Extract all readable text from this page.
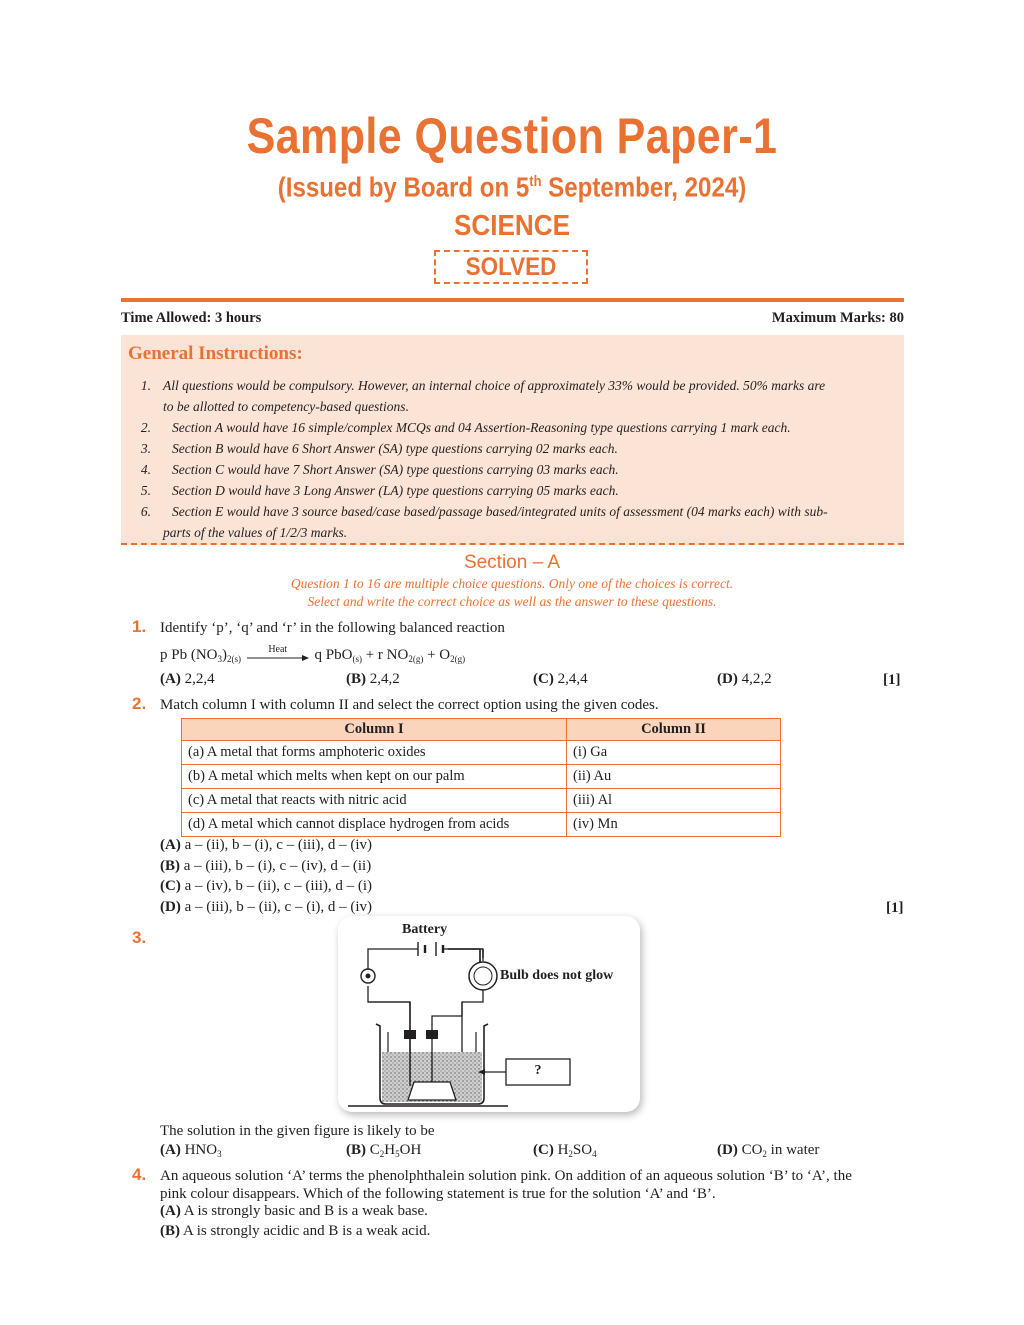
Sample Question Paper-1
(Issued by Board on 5th September, 2024)
SCIENCE
SOLVED
Time Allowed: 3 hours	Maximum Marks: 80
General Instructions:
1. All questions would be compulsory. However, an internal choice of approximately 33% would be provided. 50% marks are
to be allotted to competency-based questions.
2.	Section A would have 16 simple/complex MCQs and 04 Assertion-Reasoning type questions carrying 1 mark each.
3.	Section B would have 6 Short Answer (SA) type questions carrying 02 marks each.
4.	Section C would have 7 Short Answer (SA) type questions carrying 03 marks each.
5.	Section D would have 3 Long Answer (LA) type questions carrying 05 marks each.
6.	Section E would have 3 source based/case based/passage based/integrated units of assessment (04 marks each) with sub-
parts of the values of 1/2/3 marks.
Section – A
Question 1 to 16 are multiple choice questions. Only one of the choices is correct.
Select and write the correct choice as well as the answer to these questions.
1. Identify ‘p’, ‘q’ and ‘r’ in the following balanced reaction
p Pb $(NO_3)_{2(s)}$
Heat	q PbO$_{(s)}$ + r $NO_{2(g)} + O_{2(g)}$
(A) 2,2,4	(B) 2,4,2	(C) 2,4,4	(D) 4,2,2	[1]
2. Match column I with column II and select the correct option using the given codes.
Column I	Column II
(a) A metal that forms amphoteric oxides	(i) Ga
(b) A metal which melts when kept on our palm	(ii) Au
(c) A metal that reacts with nitric acid	(iii) Al
(d) A metal which cannot displace hydrogen from acids	(iv) Mn
(A) a – (ii), b – (i), c – (iii), d – (iv)
(B) a – (iii), b – (i), c – (iv), d – (ii)
(C) a – (iv), b – (ii), c – (iii), d – (i)
(D) a – (iii), b – (ii), c – (i), d – (iv)	[1]
3.	Battery
Bulb does not glow
?
The solution in the given figure is likely to be
(A) $HNO_3$	(B) $C_2H_5OH$	(C) $H_2SO_4$	(D) $CO_2$ in water
4. An aqueous solution ‘A’ terms the phenolphthalein solution pink. On addition of an aqueous solution ‘B’ to ‘A’, the
pink colour disappears. Which of the following statement is true for the solution ‘A’ and ‘B’.
(A) A is strongly basic and B is a weak base.
(B) A is strongly acidic and B is a weak acid.
